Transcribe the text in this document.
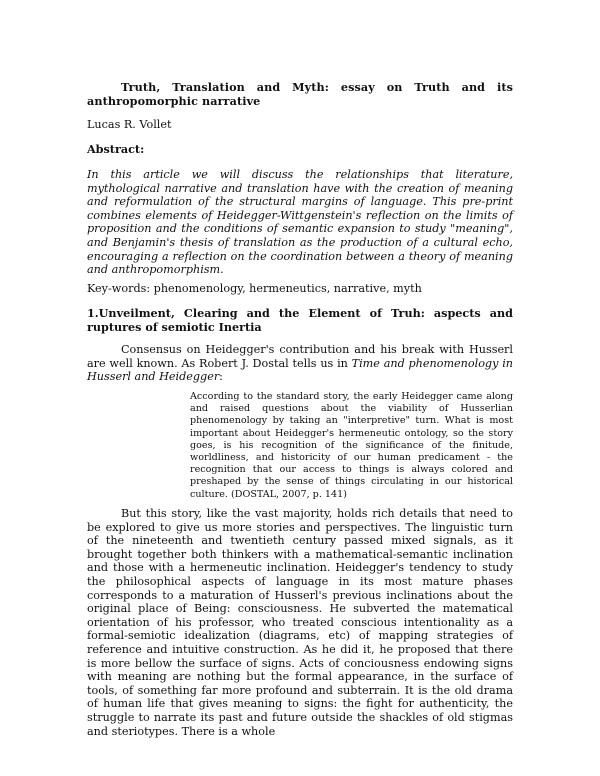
Truth, Translation and Myth: essay on Truth and its anthropomorphic narrative

Lucas R. Vollet

Abstract:

In this article we will discuss the relationships that literature, mythological narrative and translation have with the creation of meaning and reformulation of the structural margins of language. This pre-print combines elements of Heidegger-Wittgenstein's reflection on the limits of proposition and the conditions of semantic expansion to study "meaning", and Benjamin's thesis of translation as the production of a cultural echo, encouraging a reflection on the coordination between a theory of meaning and anthropomorphism.

Key-words: phenomenology, hermeneutics, narrative, myth

1.Unveilment, Clearing and the Element of Truh: aspects and ruptures of semiotic Inertia

Consensus on Heidegger's contribution and his break with Husserl are well known. As Robert J. Dostal tells us in Time and phenomenology in Husserl and Heidegger:

According to the standard story, the early Heidegger came along and raised questions about the viability of Husserlian phenomenology by taking an "interpretive" turn. What is most important about Heidegger's hermeneutic ontology, so the story goes, is his recognition of the significance of the finitude, worldliness, and historicity of our human predicament - the recognition that our access to things is always colored and preshaped by the sense of things circulating in our historical culture. (DOSTAL, 2007, p. 141)

But this story, like the vast majority, holds rich details that need to be explored to give us more stories and perspectives. The linguistic turn of the nineteenth and twentieth century passed mixed signals, as it brought together both thinkers with a mathematical-semantic inclination and those with a hermeneutic inclination. Heidegger's tendency to study the philosophical aspects of language in its most mature phases corresponds to a maturation of Husserl's previous inclinations about the original place of Being: consciousness. He subverted the matematical orientation of his professor, who treated conscious intentionality as a formal-semiotic idealization (diagrams, etc) of mapping strategies of reference and intuitive construction. As he did it, he proposed that there is more bellow the surface of signs. Acts of conciousness endowing signs with meaning are nothing but the formal appearance, in the surface of tools, of something far more profound and subterrain. It is the old drama of human life that gives meaning to signs: the fight for authenticity, the struggle to narrate its past and future outside the shackles of old stigmas and steriotypes. There is a whole
